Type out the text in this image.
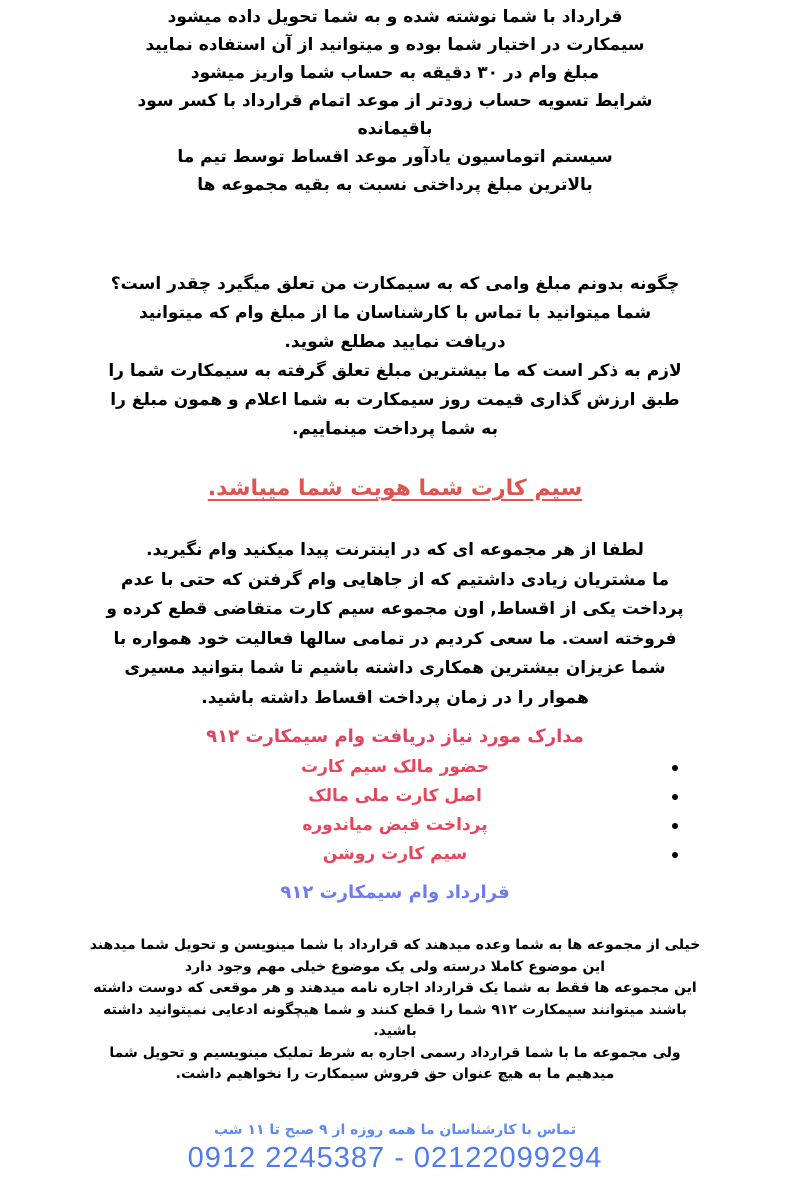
قرارداد با شما نوشته شده و به شما تحویل داده میشود
سیمکارت در اختیار شما بوده و میتوانید از آن استفاده نمایید
مبلغ وام در ۳۰ دقیقه به حساب شما واریز میشود
شرایط تسویه حساب زودتر از موعد اتمام قرارداد با کسر سود
باقیمانده
سیستم اتوماسیون یادآور موعد اقساط توسط تیم ما
بالاترین مبلغ پرداختی نسبت به بقیه مجموعه ها
چگونه بدونم مبلغ وامی که به سیمکارت من تعلق میگیرد چقدر است؟
شما میتوانید با تماس با کارشناسان ما از مبلغ وام که میتوانید
دریافت نمایید مطلع شوید.
لازم به ذکر است که ما بیشترین مبلغ تعلق گرفته به سیمکارت شما را
طبق ارزش گذاری قیمت روز سیمکارت به شما اعلام و همون مبلغ را
به شما پرداخت مینماییم.
سیم کارت شما هویت شما میباشد.
لطفا از هر مجموعه ای که در اینترنت پیدا میکنید وام نگیرید.
ما مشتریان زیادی داشتیم که از جاهایی وام گرفتن که حتی با عدم
پرداخت یکی از اقساط, اون مجموعه سیم کارت متقاضی قطع کرده و
فروخته است. ما سعی کردیم در تمامی سالها فعالیت خود همواره با
شما عزیزان بیشترین همکاری داشته باشیم تا شما بتوانید مسیری
هموار را در زمان پرداخت اقساط داشته باشید.
مدارک مورد نیاز دریافت وام سیمکارت ۹۱۲
حضور مالک سیم کارت
اصل کارت ملی مالک
پرداخت قبض میاندوره
سیم کارت روشن
قرارداد وام سیمکارت ۹۱۲
خیلی از مجموعه ها به شما وعده میدهند که قرارداد با شما مینویسن و تحویل شما میدهند
این موضوع کاملا درسته ولی یک موضوع خیلی مهم وجود دارد
این مجموعه ها فقط به شما یک قرارداد اجاره نامه میدهند و هر موقعی که دوست داشته
باشند میتوانند سیمکارت ۹۱۲ شما را قطع کنند و شما هیچگونه ادعایی نمیتوانید داشته
باشید.
ولی مجموعه ما با شما قرارداد رسمی اجاره به شرط تملیک مینویسیم و تحویل شما
میدهیم ما به هیچ عنوان حق فروش سیمکارت را نخواهیم داشت.
تماس با کارشناسان ما همه روزه از ۹ صبح تا ۱۱ شب
0912 2245387 - 02122099294
